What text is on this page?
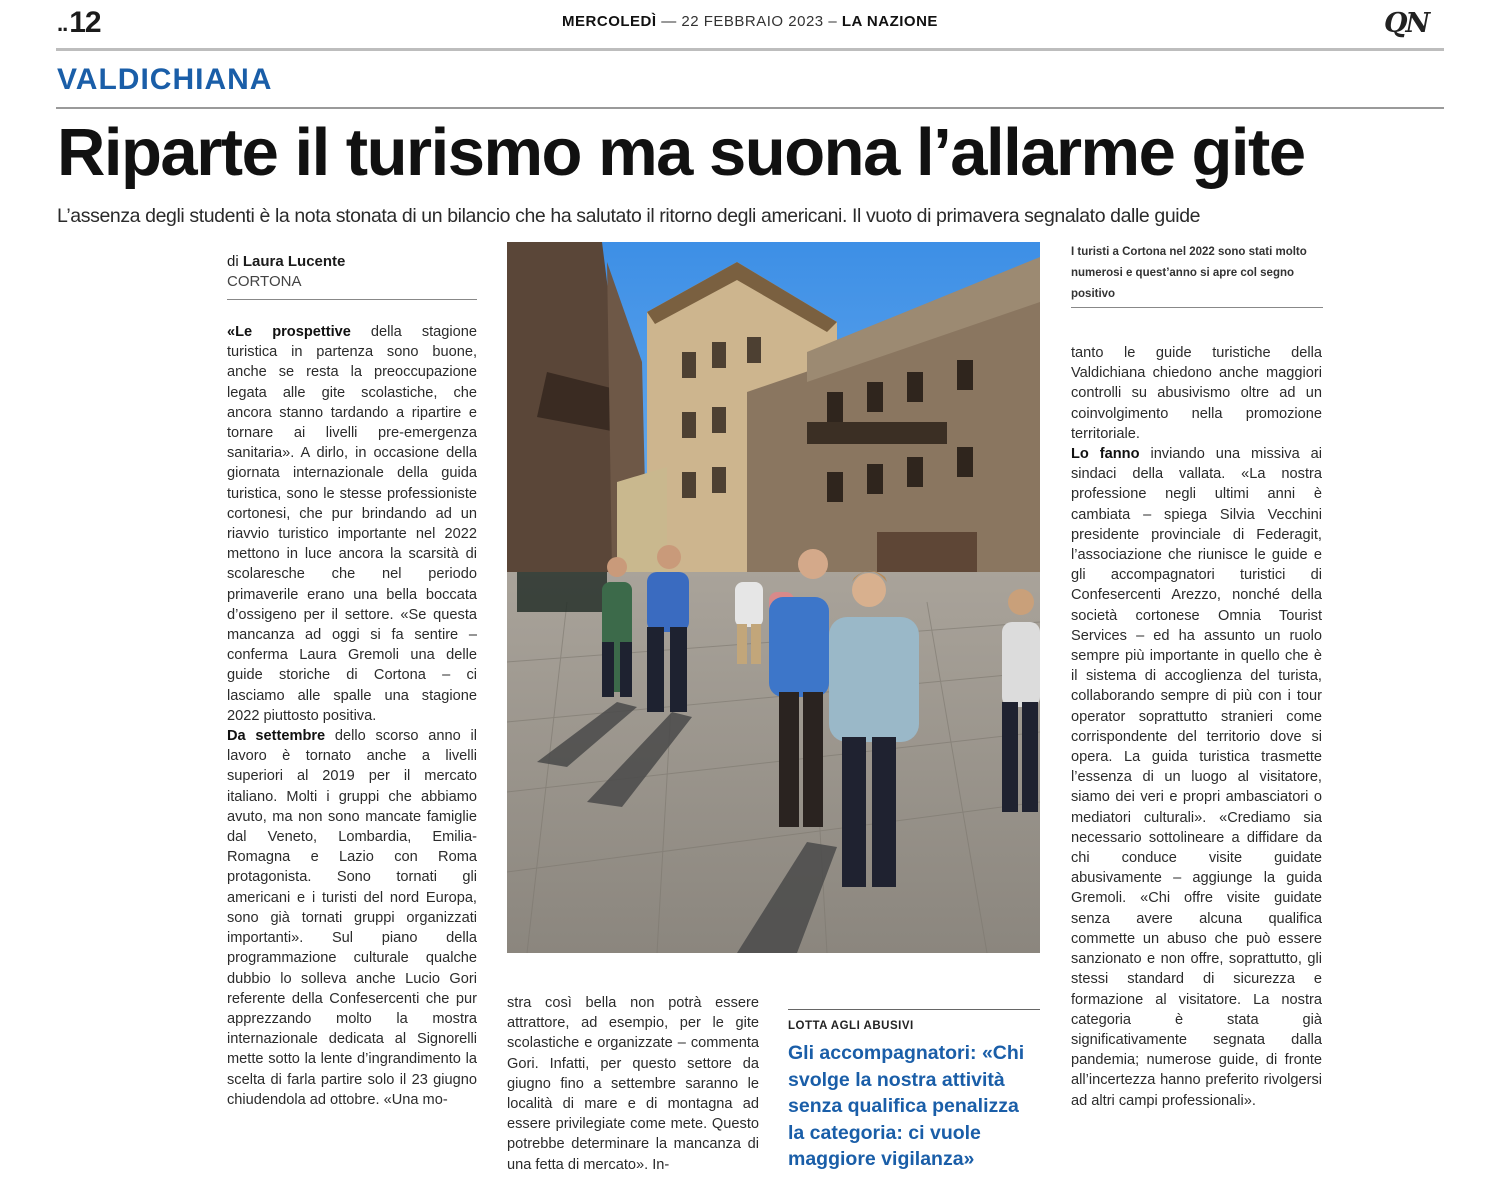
..12	MERCOLEDÌ — 22 FEBBRAIO 2023 – LA NAZIONE	QN
VALDICHIANA
Riparte il turismo ma suona l’allarme gite
L’assenza degli studenti è la nota stonata di un bilancio che ha salutato il ritorno degli americani. Il vuoto di primavera segnalato dalle guide
di Laura Lucente
CORTONA
«Le prospettive della stagione turistica in partenza sono buone, anche se resta la preoccupazione legata alle gite scolastiche, che ancora stanno tardando a ripartire e tornare ai livelli pre-emergenza sanitaria». A dirlo, in occasione della giornata internazionale della guida turistica, sono le stesse professioniste cortonesi, che pur brindando ad un riavvio turistico importante nel 2022 mettono in luce ancora la scarsità di scolaresche che nel periodo primaverile erano una bella boccata d’ossigeno per il settore. «Se questa mancanza ad oggi si fa sentire – conferma Laura Gremoli una delle guide storiche di Cortona – ci lasciamo alle spalle una stagione 2022 piuttosto positiva.
Da settembre dello scorso anno il lavoro è tornato anche a livelli superiori al 2019 per il mercato italiano. Molti i gruppi che abbiamo avuto, ma non sono mancate famiglie dal Veneto, Lombardia, Emilia-Romagna e Lazio con Roma protagonista. Sono tornati gli americani e i turisti del nord Europa, sono già tornati gruppi organizzati importanti». Sul piano della programmazione culturale qualche dubbio lo solleva anche Lucio Gori referente della Confesercenti che pur apprezzando molto la mostra internazionale dedicata al Signorelli mette sotto la lente d’ingrandimento la scelta di farla partire solo il 23 giugno chiudendola ad ottobre. «Una mo-
stra così bella non potrà essere attrattore, ad esempio, per le gite scolastiche e organizzate – commenta Gori. Infatti, per questo settore da giugno fino a settembre saranno le località di mare e di montagna ad essere privilegiate come mete. Questo potrebbe determinare la mancanza di una fetta di mercato». In-
I turisti a Cortona nel 2022 sono stati molto numerosi e quest’anno si apre col segno positivo
tanto le guide turistiche della Valdichiana chiedono anche maggiori controlli su abusivismo oltre ad un coinvolgimento nella promozione territoriale.
Lo fanno inviando una missiva ai sindaci della vallata. «La nostra professione negli ultimi anni è cambiata – spiega Silvia Vecchini presidente provinciale di Federagit, l’associazione che riunisce le guide e gli accompagnatori turistici di Confesercenti Arezzo, nonché della società cortonese Omnia Tourist Services – ed ha assunto un ruolo sempre più importante in quello che è il sistema di accoglienza del turista, collaborando sempre di più con i tour operator soprattutto stranieri come corrispondente del territorio dove si opera. La guida turistica trasmette l’essenza di un luogo al visitatore, siamo dei veri e propri ambasciatori o mediatori culturali». «Crediamo sia necessario sottolineare a diffidare da chi conduce visite guidate abusivamente – aggiunge la guida Gremoli. «Chi offre visite guidate senza avere alcuna qualifica commette un abuso che può essere sanzionato e non offre, soprattutto, gli stessi standard di sicurezza e formazione al visitatore. La nostra categoria è stata già significativamente segnata dalla pandemia; numerose guide, di fronte all’incertezza hanno preferito rivolgersi ad altri campi professionali».
LOTTA AGLI ABUSIVI
Gli accompagnatori: «Chi svolge la nostra attività senza qualifica penalizza la categoria: ci vuole maggiore vigilanza»
